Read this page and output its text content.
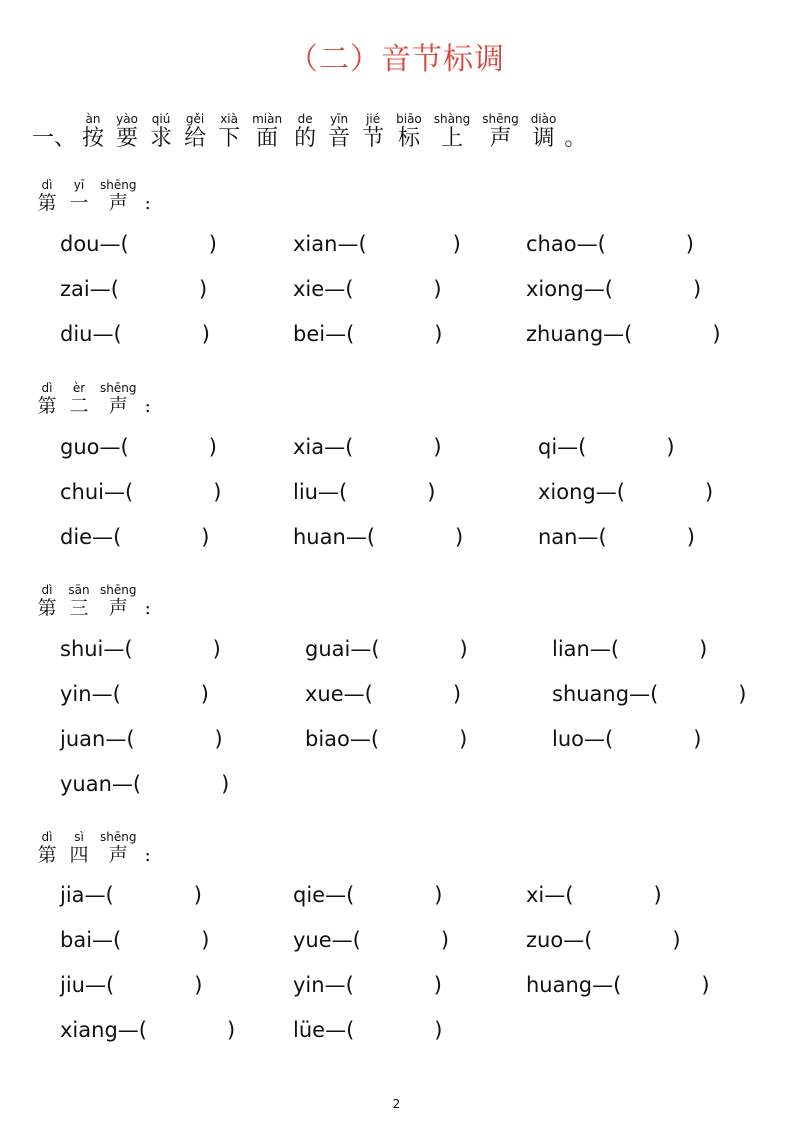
（二）音节标调
一、
àn
按
yào
要
qiú
求
gěi
给
xià
下
miàn
面
de
的
yīn
音
jié
节
biāo
标
shàng
上
shēng
声
diào
调 。
dì
第
yī
一
shēng
声 :
dou—(	)	xian—(	)	chao—(	)
zai—(	)	xie—(	)	xiong—(	)
diu—(	)	bei—(	)	zhuang—(	)
dì
第
èr
二
shēng
声 :
guo—(	)	xia—(	)	qi—(	)
chui—(	)	liu—(	)	xiong—(	)
die—(	)	huan—(	)	nan—(	)
dì
第
sān
三
shēng
声 :
shui—(	)	guai—(	)	lian—(	)
yin—(	)	xue—(	)	shuang—(	)
juan—(	)	biao—(	)	luo—(	)
yuan—(	)
dì
第
sì
四
shēng
声 :
jia—(	)	qie—(	)	xi—(	)
bai—(	)	yue—(	)	zuo—(	)
jiu—(	)	yin—(	)	huang—(	)
xiang—(	)	lüe—(	)
2
